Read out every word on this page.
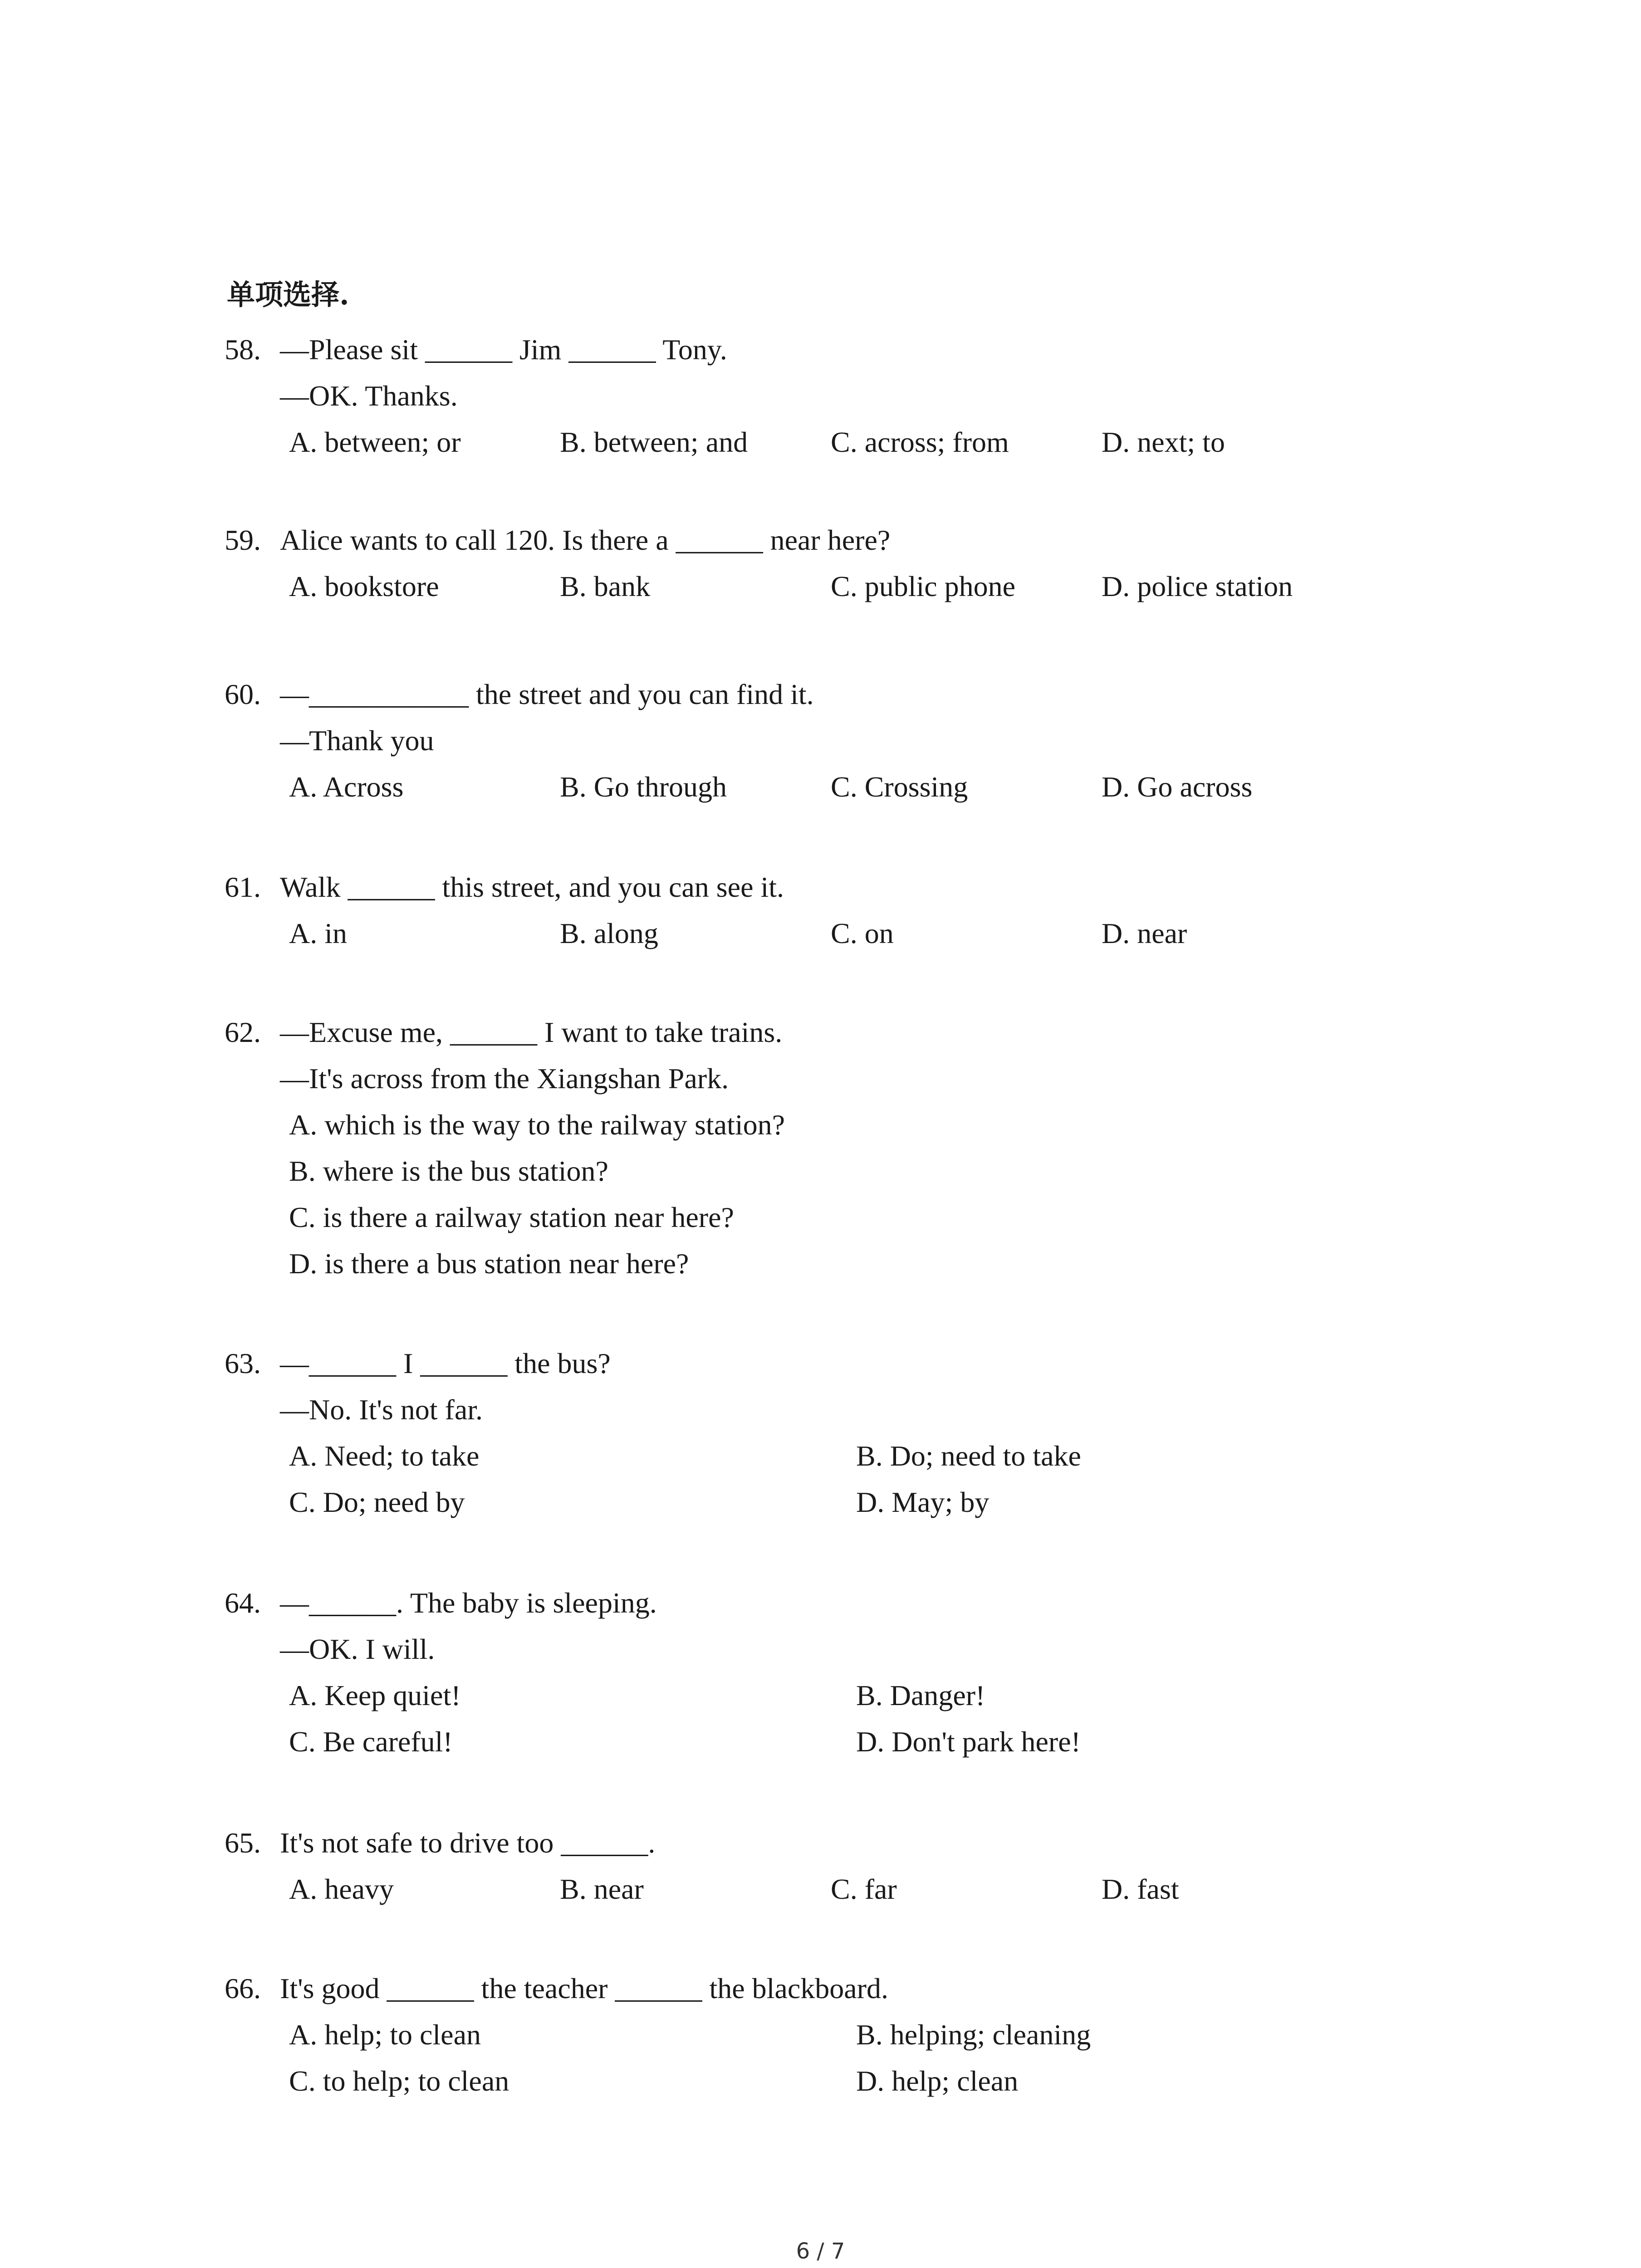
单项选择.
58. —Please sit ______ Jim ______ Tony.
—OK. Thanks.
A. between; or	B. between; and	C. across; from	D. next; to
59. Alice wants to call 120. Is there a ______ near here?
A. bookstore	B. bank	C. public phone	D. police station
60. —___________ the street and you can find it.
—Thank you
A. Across	B. Go through	C. Crossing	D. Go across
61. Walk ______ this street, and you can see it.
A. in	B. along	C. on	D. near
62. —Excuse me, ______ I want to take trains.
—It's across from the Xiangshan Park.
A. which is the way to the railway station?
B. where is the bus station?
C. is there a railway station near here?
D. is there a bus station near here?
63. —______ I ______ the bus?
—No. It's not far.
A. Need; to take	B. Do; need to take
C. Do; need by	D. May; by
64. —______. The baby is sleeping.
—OK. I will.
A. Keep quiet!	B. Danger!
C. Be careful!	D. Don't park here!
65. It's not safe to drive too ______.
A. heavy	B. near	C. far	D. fast
66. It's good ______ the teacher ______ the blackboard.
A. help; to clean	B. helping; cleaning
C. to help; to clean	D. help; clean
6 / 7
